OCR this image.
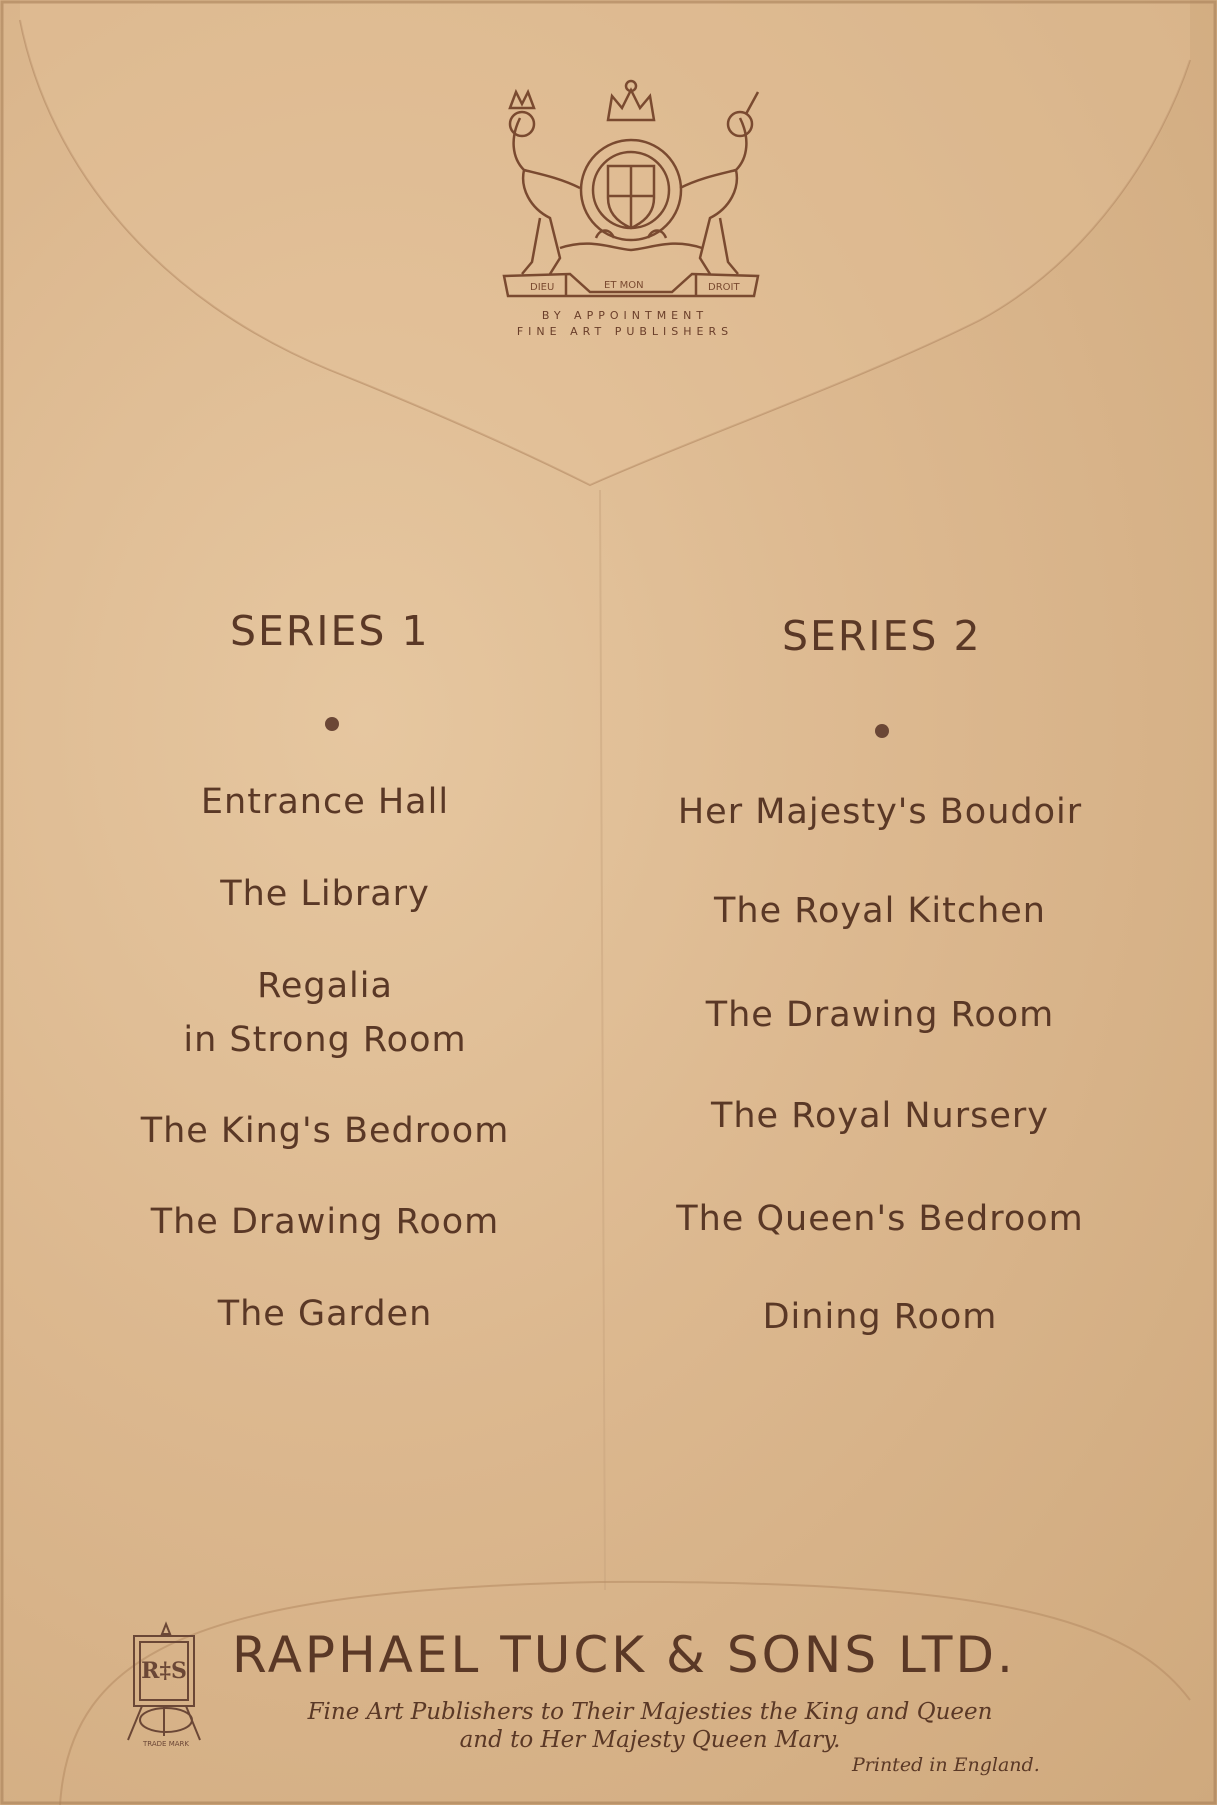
DIEU	ET MON	DROIT
BY APPOINTMENT
FINE ART PUBLISHERS
SERIES 1
Entrance Hall
The Library
Regalia
in Strong Room
The King's Bedroom
The Drawing Room
The Garden
SERIES 2
Her Majesty's Boudoir
The Royal Kitchen
The Drawing Room
The Royal Nursery
The Queen's Bedroom
Dining Room
R‡S
TRADE MARK
RAPHAEL TUCK & SONS LTD.
Fine Art Publishers to Their Majesties the King and Queen
and to Her Majesty Queen Mary.
Printed in England.
